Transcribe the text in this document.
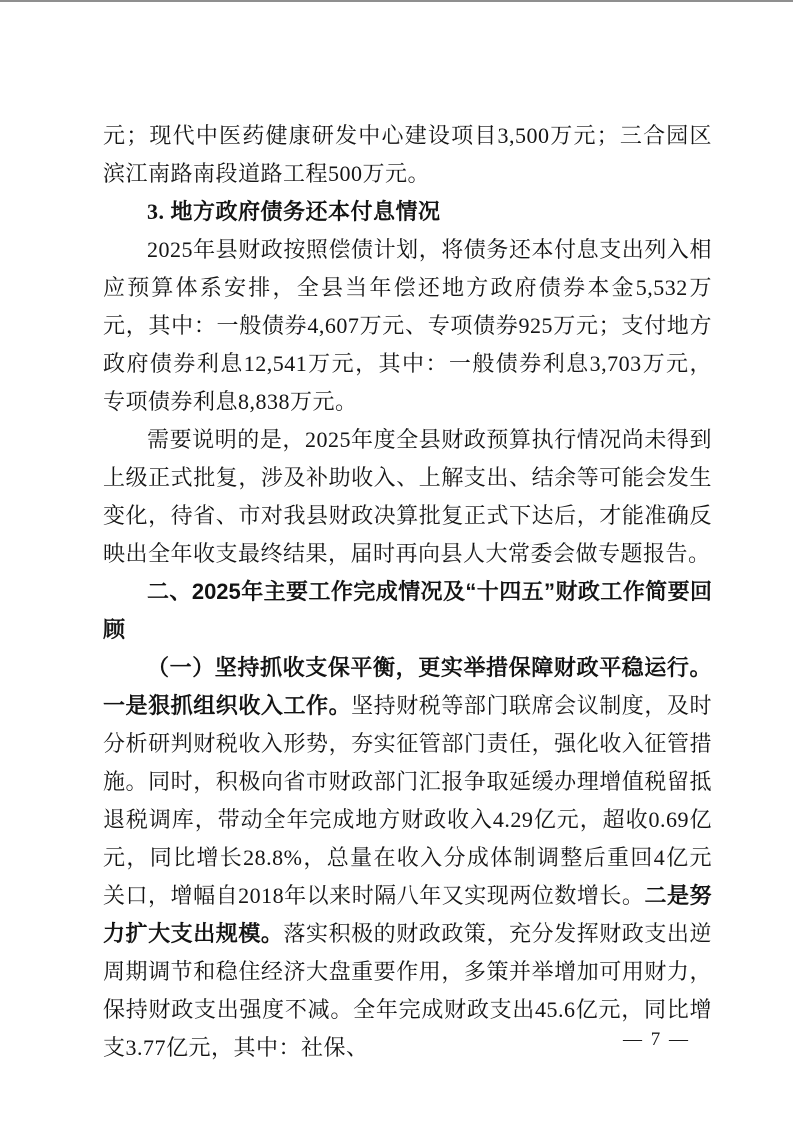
元；现代中医药健康研发中心建设项目3,500万元；三合园区滨江南路南段道路工程500万元。

3. 地方政府债务还本付息情况

2025年县财政按照偿债计划，将债务还本付息支出列入相应预算体系安排，全县当年偿还地方政府债券本金5,532万元，其中：一般债券4,607万元、专项债券925万元；支付地方政府债券利息12,541万元，其中：一般债券利息3,703万元，专项债券利息8,838万元。

需要说明的是，2025年度全县财政预算执行情况尚未得到上级正式批复，涉及补助收入、上解支出、结余等可能会发生变化，待省、市对我县财政决算批复正式下达后，才能准确反映出全年收支最终结果，届时再向县人大常委会做专题报告。

二、2025年主要工作完成情况及“十四五”财政工作简要回顾

（一）坚持抓收支保平衡，更实举措保障财政平稳运行。一是狠抓组织收入工作。坚持财税等部门联席会议制度，及时分析研判财税收入形势，夯实征管部门责任，强化收入征管措施。同时，积极向省市财政部门汇报争取延缓办理增值税留抵退税调库，带动全年完成地方财政收入4.29亿元，超收0.69亿元，同比增长28.8%，总量在收入分成体制调整后重回4亿元关口，增幅自2018年以来时隔八年又实现两位数增长。二是努力扩大支出规模。落实积极的财政政策，充分发挥财政支出逆周期调节和稳住经济大盘重要作用，多策并举增加可用财力，保持财政支出强度不减。全年完成财政支出45.6亿元，同比增支3.77亿元，其中：社保、	— 7 —
